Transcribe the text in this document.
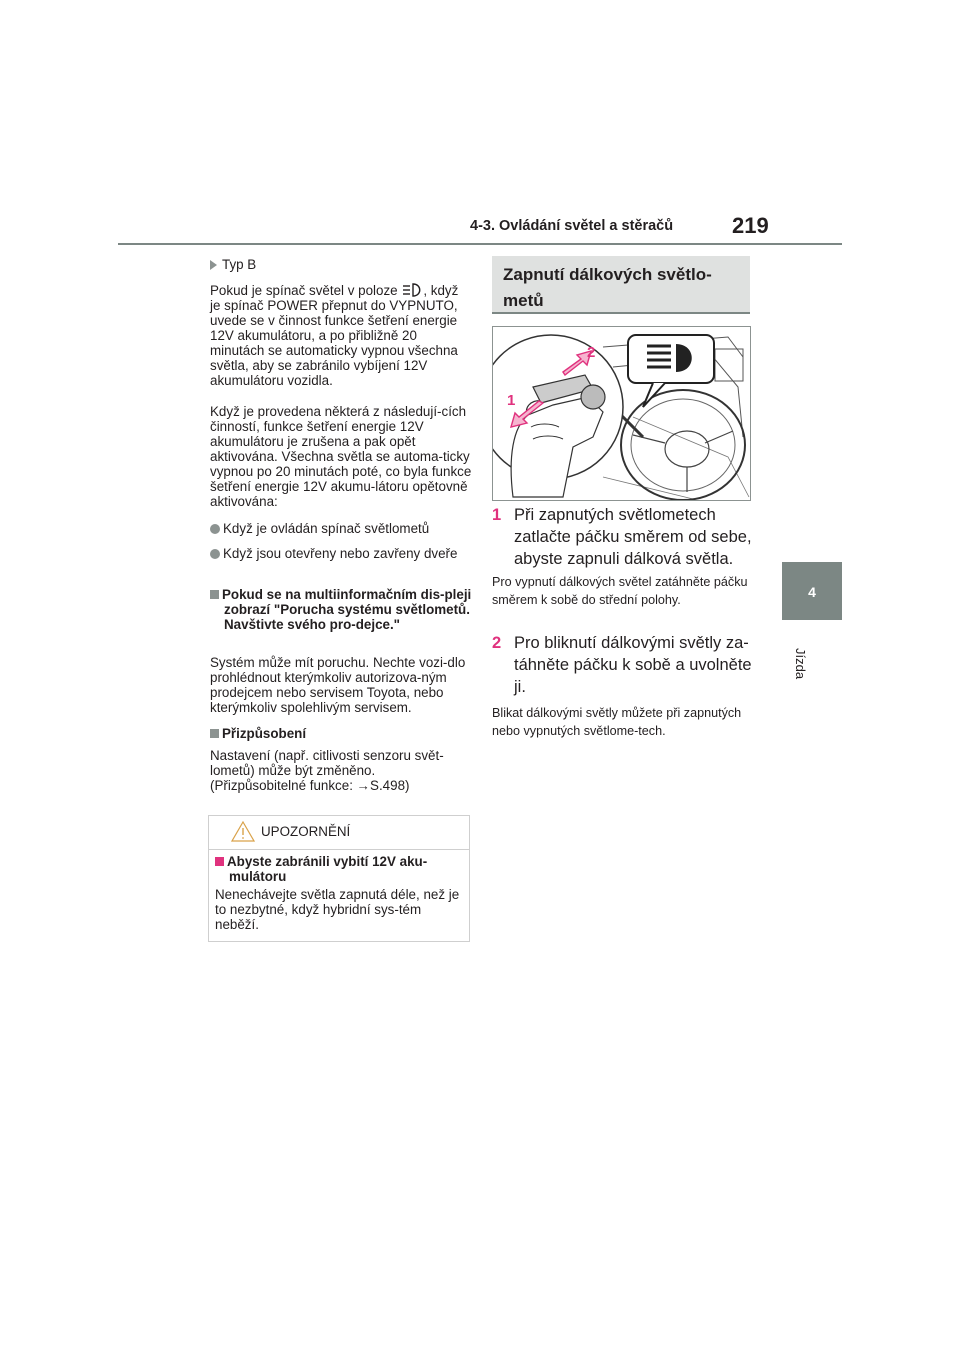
4-3. Ovládání světel a stěračů	219
4
Jízda
Typ B
Pokud je spínač světel v poloze , když je spínač POWER přepnut do VYPNUTO, uvede se v činnost funkce šetření energie 12V akumulátoru, a po přibližně 20 minutách se automaticky vypnou všechna světla, aby se zabránilo vybíjení 12V akumulátoru vozidla.
Když je provedena některá z následují-cích činností, funkce šetření energie 12V akumulátoru je zrušena a pak opět aktivována. Všechna světla se automa-ticky vypnou po 20 minutách poté, co byla funkce šetření energie 12V akumu-látoru opětovně aktivována:
Když je ovládán spínač světlometů
Když jsou otevřeny nebo zavřeny dveře
Pokud se na multiinformačním dis-pleji zobrazí "Porucha systému světlometů. Navštivte svého pro-dejce."
Systém může mít poruchu. Nechte vozi-dlo prohlédnout kterýmkoliv autorizova-ným prodejcem nebo servisem Toyota, nebo kterýmkoliv spolehlivým servisem.
Přizpůsobení
Nastavení (např. citlivosti senzoru svět-lometů) může být změněno.
(Přizpůsobitelné funkce: →S.498)
UPOZORNĚNÍ
Abyste zabránili vybití 12V aku-mulátoru
Nenechávejte světla zapnutá déle, než je to nezbytné, když hybridní sys-tém neběží.
Zapnutí dálkových světlo-metů
2
1
1 Při zapnutých světlometech zatlačte páčku směrem od sebe, abyste zapnuli dálková světla.
Pro vypnutí dálkových světel zatáhněte páčku směrem k sobě do střední polohy.
2 Pro bliknutí dálkovými světly za-táhněte páčku k sobě a uvolněte ji.
Blikat dálkovými světly můžete při zapnutých nebo vypnutých světlome-tech.
